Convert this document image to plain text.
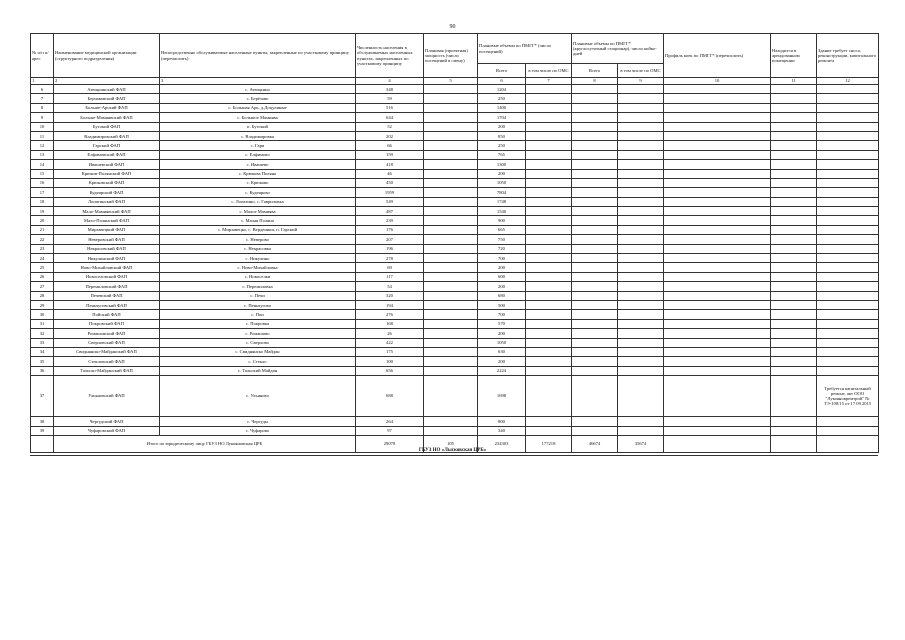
90
№ п/п п/арес	Наименование медицинской организации (структурного подразделения)	Непосредственно обслуживаемые населенные пункты, закрепленные по участковому принципу (перечислить)	Численность населения в обслуживаемых населенных пунктах, закрепленных по участковому принципу	Плановая (проектная) мощность (число посещений в смену)	Плановые объемы по ПМГГ* (число посещений)		Плановые объемы по ПМГГ* (круглосуточный стационар), число койко-дней		Профиль коек по ПМГГ* (перечислить)	Находится в арендованном помещении	Здание требует сноса, реконструкции, капитального ремонта
					Всего	в том числе по ОМС	Всего	в том числе по ОМС			
1	2	3	4	5	6	7	8	9	10	11	12
6	Атюцкинский ФАП	с. Атюцкино	348		1204						
7	Берчаковский ФАП	с. Берёзово	59		250						
8	Больше-Арский ФАП	с. Большая Арь, д.Доцулиные	516		1400						
9	Больше-Мамиявский ФАП	с. Большое Мамиява	644		1704						
10	Бутокий ФАП	п. Бутокий	52		200						
11	Владимировский ФАП	с. Владимировка	202		850						
12	Гарский ФАП	с. Гари	66		250						
13	Елфимовский ФАП	с. Елфимово	159		765						
14	Ивашевский ФАП	с. Ивашево	418		1300						
15	Крюков-Полянский ФАП	с. Крюкова Поляна	46		200						
16	Крюковский ФАП	с. Крюково	450		1050						
17	Кудеярский ФАП	с. Кудеярово	1959		7804						
18	Лопатинский ФАП	с. Лопатино, с. Гавриловка	549		1748						
19	Мало-Мамиявский ФАП	с. Малое Мамиява	487		1540						
20	Мало-Полянский ФАП	с. Малая Поляна	239		900						
21	Мирзавецкий ФАП	с. Мирзавецко, с. Верденики, п. Гарский	176		665						
22	Неверовский ФАП	с. Неверово	207		750						
23	Некрасовский ФАП	с. Некрасовка	196		720						
24	Никулинский ФАП	с. Никулино	278		700						
25	Ново-Михайловский ФАП	с. Ново-Михайловка	69		200						
26	Новоселовский ФАП	с. Новоселки	117		600						
27	Перемиловский ФАП	с. Перемиловка	54		200						
28	Печевский ФАП	с. Печи	320		680						
29	Пеньчуговский ФАП	с. Пеньчугово	194		500						
30	Пойский ФАП	с. Пои	276		700						
31	Покровский ФАП	с. Покровка	168		570						
32	Ромашовский ФАП	с. Ромашово	26		200						
33	Сверловский ФАП	с. Сверлово	422		1050						
34	Свиднянско-Майданский ФАП	с. Свиднянско Майдан	175		630						
35	Стекловский ФАП	с. Стекло	100		200						
36	Тальско-Майданский ФАП	с. Тальский Майдан	656		2224						
37	Ульяновский ФАП	с. Ульяново	688		1698						Требуется капитальный ремонт, акт ООО "Лукояновремтрой" № ТЭ-108/15 от 17.09.2015
38	Чергудский ФАП	с. Чергуды	264		800						
39	Чуфаровский ФАП	с. Чуфарово	97		340						
	Итого по юридическому лицу ГБУЗ НО Лукояновская ЦРБ		29078	105	234303	177218	46674	35674			
ГБУЗ НО «Лысковская ЦРБ»
